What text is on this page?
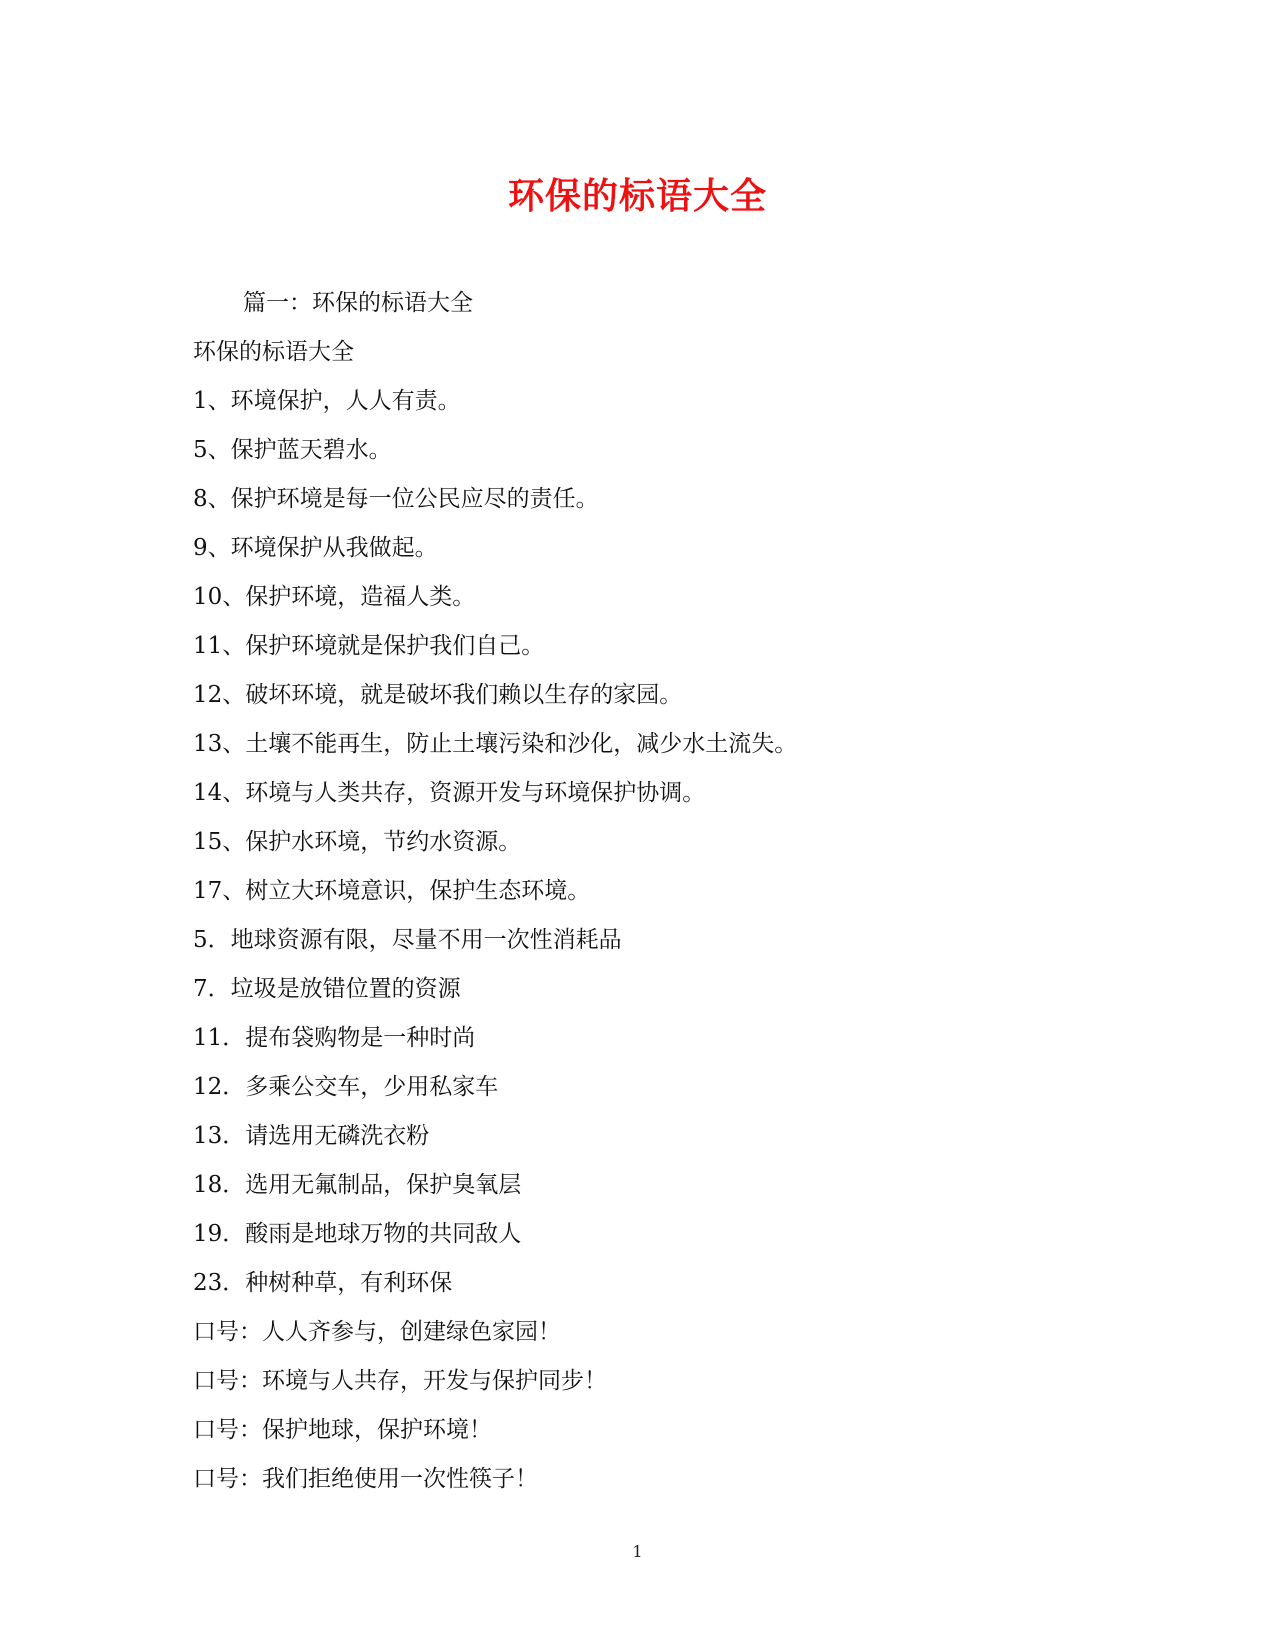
环保的标语大全
篇一：环保的标语大全
环保的标语大全
1、环境保护，人人有责。
5、保护蓝天碧水。
8、保护环境是每一位公民应尽的责任。
9、环境保护从我做起。
10、保护环境，造福人类。
11、保护环境就是保护我们自己。
12、破坏环境，就是破坏我们赖以生存的家园。
13、土壤不能再生，防止土壤污染和沙化，减少水土流失。
14、环境与人类共存，资源开发与环境保护协调。
15、保护水环境，节约水资源。
17、树立大环境意识，保护生态环境。
5．地球资源有限，尽量不用一次性消耗品
7．垃圾是放错位置的资源
11．提布袋购物是一种时尚
12．多乘公交车，少用私家车
13．请选用无磷洗衣粉
18．选用无氟制品，保护臭氧层
19．酸雨是地球万物的共同敌人
23．种树种草，有利环保
口号：人人齐参与，创建绿色家园！
口号：环境与人共存，开发与保护同步！
口号：保护地球，保护环境！
口号：我们拒绝使用一次性筷子！
1
